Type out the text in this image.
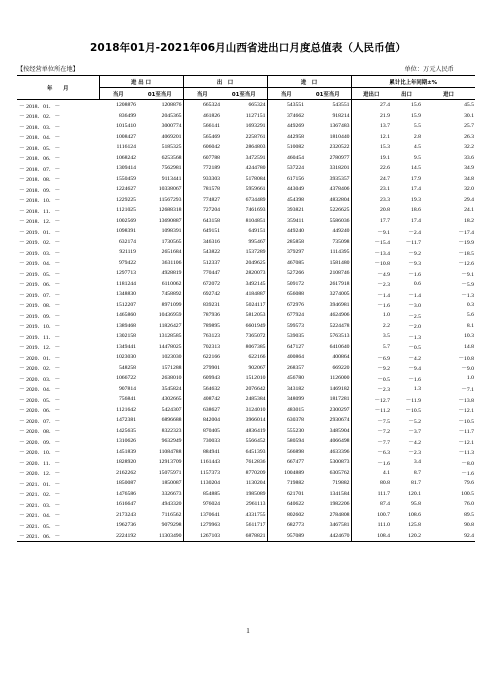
2018年01月-2021年06月山西省进出口月度总值表（人民币值）
【按经营单位所在地】	单位：万元人民币
年　　月	进 出 口		出　口		进　口		累计比上年同期±%		
	当月	01至当月	当月	01至当月	当月	01至当月	进出口	出口	进口
－ 2018．01．－	1208876	1208876	665324	665324	543551	543551	27.4	15.6	45.5
－ 2018．02．－	836499	2045365	461826	1127151	374662	918214	21.9	15.9	30.1
－ 2018．03．－	1015410	3000774	566141	1693291	449269	1367483	13.7	5.5	25.7
－ 2018．04．－	1008427	4069201	565469	2258761	442958	1810440	12.1	2.8	26.3
－ 2018．05．－	1116124	5185325	606042	2864803	510082	2320522	15.3	4.5	32.2
－ 2018．06．－	1068242	6253568	607788	3472591	460454	2780977	19.1	9.5	33.6
－ 2018．07．－	1309414	7562981	772189	4244780	537224	3318201	22.6	14.5	34.9
－ 2018．08．－	1550459	9113441	933303	5178084	617156	3935357	24.7	17.9	34.8
－ 2018．09．－	1224627	10338067	781578	5959661	443049	4378406	23.1	17.4	32.0
－ 2018．10．－	1229225	11567293	774827	6734489	454398	4832804	23.3	19.3	29.4
－ 2018．11．－	1121025	12688318	727204	7461693	393821	5226625	20.8	18.6	24.1
－ 2018．12．－	1002569	13690887	643158	8104851	359411	5586036	17.7	17.4	18.2
－ 2019．01．－	1098391	1098391	649151	649151	449240	449240	－9.1	－2.4	－17.4
－ 2019．02．－	632174	1730565	346316	995467	285858	735098	－15.4	－11.7	－19.9
－ 2019．03．－	921119	2651684	543822	1537289	379297	1114395	－13.4	－9.2	－18.5
－ 2019．04．－	979422	3631106	512337	2049625	467085	1581480	－10.8	－9.3	－12.6
－ 2019．05．－	1297713	4928819	770447	2820073	527266	2108746	－4.9	－1.6	－9.1
－ 2019．06．－	1181244	6110062	672072	3492145	509172	2617918	－2.3	0.6	－5.9
－ 2019．07．－	1348830	7458892	692742	4184887	656088	3274005	－1.4	－1.4	－1.3
－ 2019．08．－	1512207	8971099	839231	5024117	672976	3946981	－1.6	－3.0	0.3
－ 2019．09．－	1465860	10436959	787936	5812053	677924	4624906	1.0	－2.5	5.6
－ 2019．10．－	1389468	11826427	789895	6601949	599573	5224478	2.2	－2.0	8.1
－ 2019．11．－	1302158	13128585	763123	7365072	539035	5763513	3.5	－1.3	10.3
－ 2019．12．－	1349441	14478025	702313	8067385	647127	6410640	5.7	－0.5	14.8
－ 2020．01．－	1023030	1023030	622166	622166	400864	400864	－6.9	－4.2	－10.8
－ 2020．02．－	548258	1571288	279901	902067	268357	669220	－9.2	－9.4	－9.0
－ 2020．03．－	1066722	2638010	609943	1512010	456780	1126000	－0.5	－1.6	1.0
－ 2020．04．－	907814	3545824	564632	2076642	343182	1469182	－2.3	1.3	－7.1
－ 2020．05．－	756841	4302665	408742	2485384	348099	1817281	－12.7	－11.9	－13.8
－ 2020．06．－	1121642	5424307	638627	3124010	483015	2300297	－11.2	－10.5	－12.1
－ 2020．07．－	1472381	6896688	842004	3966014	630378	2930674	－7.5	－5.2	－10.5
－ 2020．08．－	1425635	8322323	870405	4836419	555230	3485904	－7.2	－3.7	－11.7
－ 2020．09．－	1310626	9632949	730033	5566452	580594	4066498	－7.7	－4.2	－12.1
－ 2020．10．－	1451839	11084788	884941	6451393	566898	4633396	－6.3	－2.3	－11.3
－ 2020．11．－	1828920	12913709	1161443	7612836	667477	5300873	－1.6	3.4	－8.0
－ 2020．12．－	2162262	15075971	1157373	8770209	1004889	6305762	4.1	8.7	－1.6
－ 2021．01．－	1850087	1850087	1130204	1130204	719882	719882	80.8	81.7	79.6
－ 2021．02．－	1476586	3326673	854885	1985089	621701	1341584	111.7	120.1	100.5
－ 2021．03．－	1616647	4943320	976024	2961113	640622	1982206	87.4	95.8	76.0
－ 2021．04．－	2173243	7116562	1370641	4331755	802602	2784808	100.7	108.6	89.5
－ 2021．05．－	1962736	9079298	1279963	5611717	682773	3467581	111.0	125.8	90.8
－ 2021．06．－	2224192	11303490	1267103	6878821	957089	4424670	108.4	120.2	92.4
1
